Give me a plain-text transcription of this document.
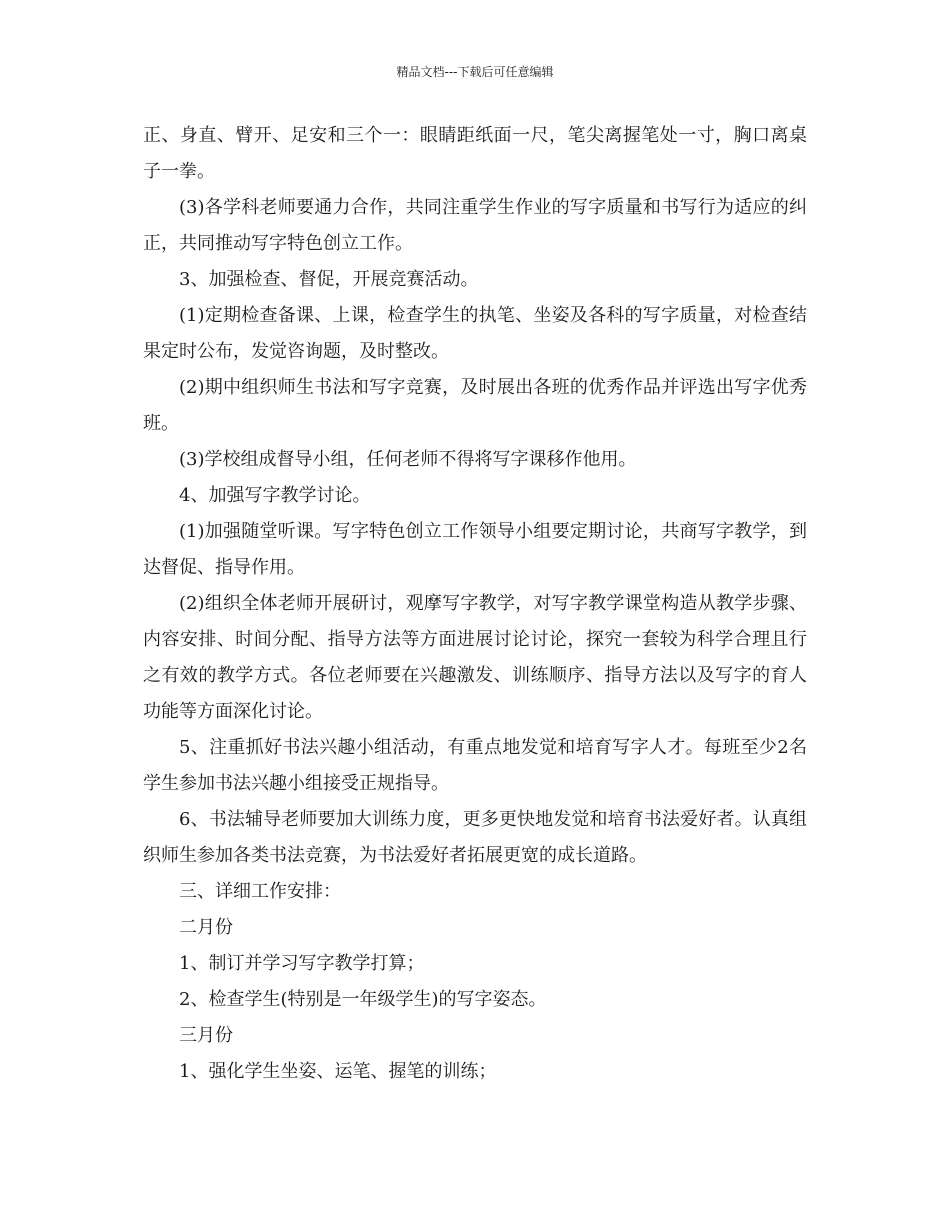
精品文档---下载后可任意编辑

正、身直、臂开、足安和三个一：眼睛距纸面一尺，笔尖离握笔处一寸，胸口离桌子一拳。

(3)各学科老师要通力合作，共同注重学生作业的写字质量和书写行为适应的纠正，共同推动写字特色创立工作。

3、加强检查、督促，开展竞赛活动。

(1)定期检查备课、上课，检查学生的执笔、坐姿及各科的写字质量，对检查结果定时公布，发觉咨询题，及时整改。

(2)期中组织师生书法和写字竞赛，及时展出各班的优秀作品并评选出写字优秀班。

(3)学校组成督导小组，任何老师不得将写字课移作他用。

4、加强写字教学讨论。

(1)加强随堂听课。写字特色创立工作领导小组要定期讨论，共商写字教学，到达督促、指导作用。

(2)组织全体老师开展研讨，观摩写字教学，对写字教学课堂构造从教学步骤、内容安排、时间分配、指导方法等方面进展讨论讨论，探究一套较为科学合理且行之有效的教学方式。各位老师要在兴趣激发、训练顺序、指导方法以及写字的育人功能等方面深化讨论。

5、注重抓好书法兴趣小组活动，有重点地发觉和培育写字人才。每班至少2名学生参加书法兴趣小组接受正规指导。

6、书法辅导老师要加大训练力度，更多更快地发觉和培育书法爱好者。认真组织师生参加各类书法竞赛，为书法爱好者拓展更宽的成长道路。

三、详细工作安排：

二月份

1、制订并学习写字教学打算；

2、检查学生(特别是一年级学生)的写字姿态。

三月份

1、强化学生坐姿、运笔、握笔的训练；
